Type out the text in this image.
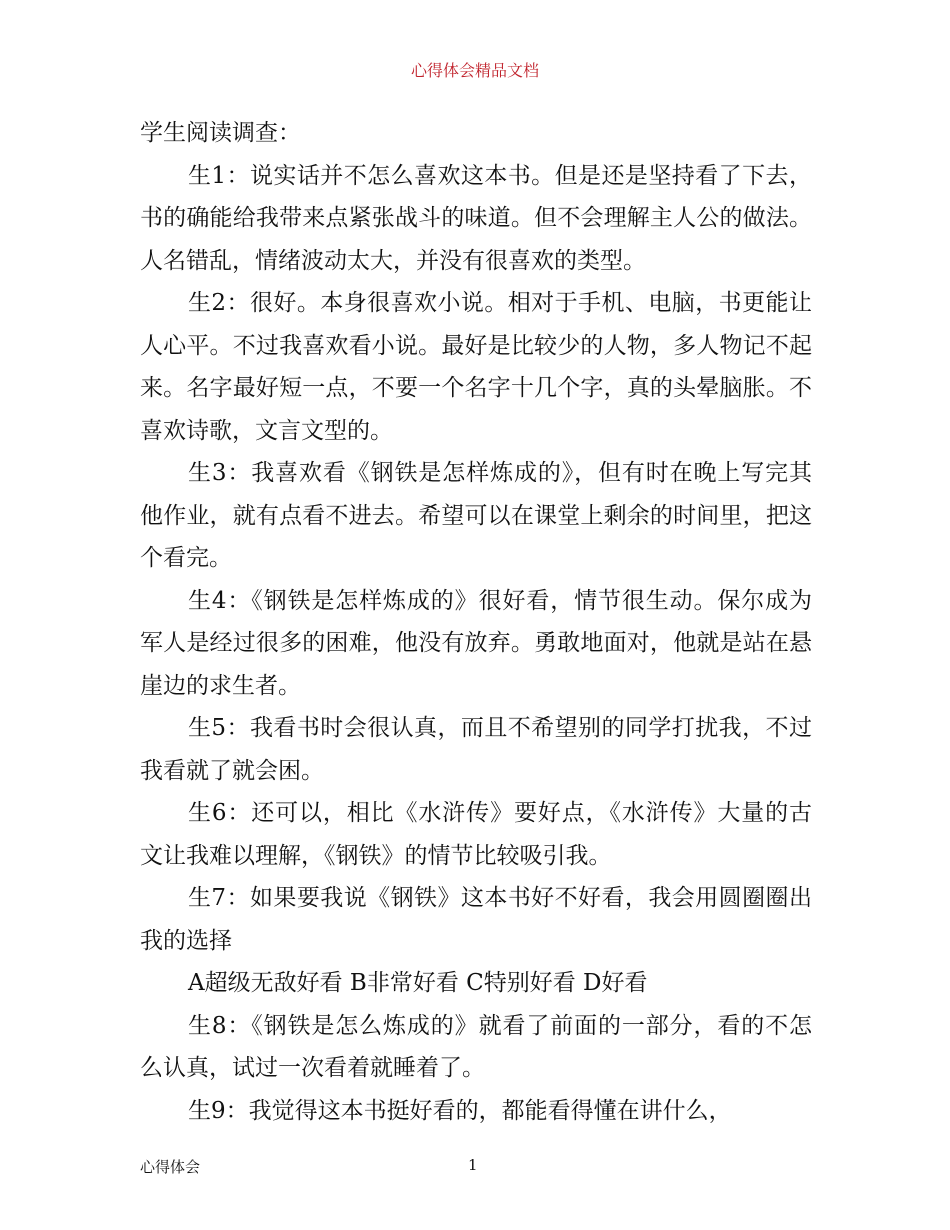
心得体会精品文档

学生阅读调查：

生1：说实话并不怎么喜欢这本书。但是还是坚持看了下去，书的确能给我带来点紧张战斗的味道。但不会理解主人公的做法。人名错乱，情绪波动太大，并没有很喜欢的类型。

生2：很好。本身很喜欢小说。相对于手机、电脑，书更能让人心平。不过我喜欢看小说。最好是比较少的人物，多人物记不起来。名字最好短一点，不要一个名字十几个字，真的头晕脑胀。不喜欢诗歌，文言文型的。

生3：我喜欢看《钢铁是怎样炼成的》，但有时在晚上写完其他作业，就有点看不进去。希望可以在课堂上剩余的时间里，把这个看完。

生4：《钢铁是怎样炼成的》很好看，情节很生动。保尔成为军人是经过很多的困难，他没有放弃。勇敢地面对，他就是站在悬崖边的求生者。

生5：我看书时会很认真，而且不希望别的同学打扰我，不过我看就了就会困。

生6：还可以，相比《水浒传》要好点，《水浒传》大量的古文让我难以理解，《钢铁》的情节比较吸引我。

生7：如果要我说《钢铁》这本书好不好看，我会用圆圈圈出我的选择

A超级无敌好看 B非常好看 C特别好看 D好看

生8：《钢铁是怎么炼成的》就看了前面的一部分，看的不怎么认真，试过一次看着就睡着了。

生9：我觉得这本书挺好看的，都能看得懂在讲什么，

心得体会	1
